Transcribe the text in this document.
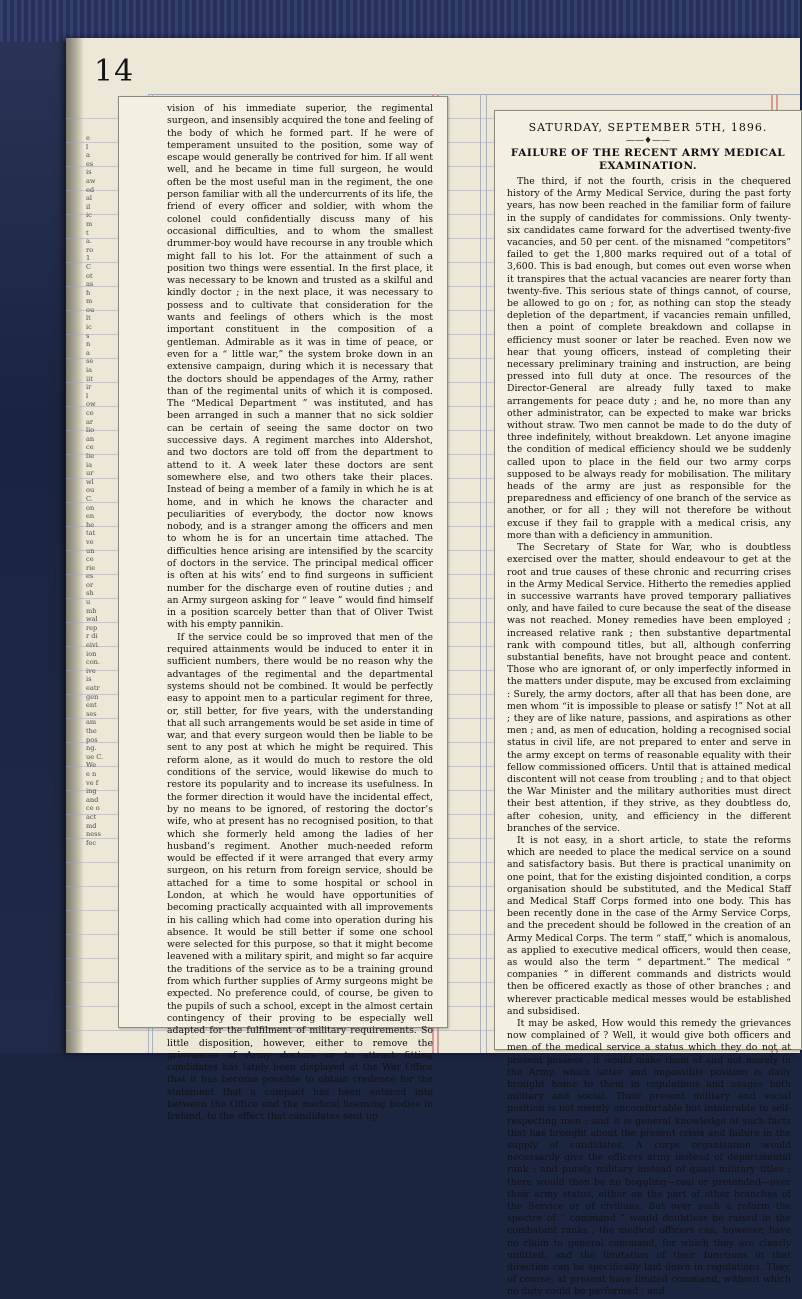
14
e
l
a
es
is
aw
ed
al
il
ic
m
t
a.
ro
1
C
ot
as
h
m
ou
lt
ic
s
n
a
se
ia
iit
ir
l
ow
ce
ar
lio
an
ce
lie
ia
ur
wl
ou
C.
on
en
he
tat
ve
un
ce
rie
es
or
sh
u
mb
wal
rep
r di
eivi
ion
con.
ive
is
eatr
gen
ent
ses
am
the
pos
ng.
ue C.
We
e n
ve f
ing
and
ce o
act
md
ness
fec

vision of his immediate superior, the regimental surgeon, and insensibly acquired the tone and feeling of the body of which he formed part. If he were of temperament unsuited to the position, some way of escape would generally be contrived for him. If all went well, and he became in time full surgeon, he would often be the most useful man in the regiment, the one person familiar with all the undercurrents of its life, the friend of every officer and soldier, with whom the colonel could confidentially discuss many of his occasional difficulties, and to whom the smallest drummer-boy would have recourse in any trouble which might fall to his lot. For the attainment of such a position two things were essential. In the first place, it was necessary to be known and trusted as a skilful and kindly doctor ; in the next place, it was necessary to possess and to cultivate that consideration for the wants and feelings of others which is the most important constituent in the composition of a gentleman. Admirable as it was in time of peace, or even for a “ little war,” the system broke down in an extensive campaign, during which it is necessary that the doctors should be appendages of the Army, rather than of the regimental units of which it is composed. The “Medical Department ” was instituted, and has been arranged in such a manner that no sick soldier can be certain of seeing the same doctor on two successive days. A regiment marches into Aldershot, and two doctors are told off from the department to attend to it. A week later these doctors are sent somewhere else, and two others take their places. Instead of being a member of a family in which he is at home, and in which he knows the character and peculiarities of everybody, the doctor now knows nobody, and is a stranger among the officers and men to whom he is for an uncertain time attached. The difficulties hence arising are intensified by the scarcity of doctors in the service. The principal medical officer is often at his wits’ end to find surgeons in sufficient number for the discharge even of routine duties ; and an Army surgeon asking for “ leave ” would find himself in a position scarcely better than that of Oliver Twist with his empty pannikin.

If the service could be so improved that men of the required attainments would be induced to enter it in sufficient numbers, there would be no reason why the advantages of the regimental and the departmental systems should not be combined. It would be perfectly easy to appoint men to a particular regiment for three, or, still better, for five years, with the understanding that all such arrangements would be set aside in time of war, and that every surgeon would then be liable to be sent to any post at which he might be required. This reform alone, as it would do much to restore the old conditions of the service, would likewise do much to restore its popularity and to increase its usefulness. In the former direction it would have the incidental effect, by no means to be ignored, of restoring the doctor’s wife, who at present has no recognised position, to that which she formerly held among the ladies of her husband’s regiment. Another much-needed reform would be effected if it were arranged that every army surgeon, on his return from foreign service, should be attached for a time to some hospital or school in London, at which he would have opportunities of becoming practically acquainted with all improvements in his calling which had come into operation during his absence. It would be still better if some one school were selected for this purpose, so that it might become leavened with a military spirit, and might so far acquire the traditions of the service as to be a training ground from which further supplies of Army surgeons might be expected. No preference could, of course, be given to the pupils of such a school, except in the almost certain contingency of their proving to be especially well adapted for the fulfilment of military requirements. So little disposition, however, either to remove the grievances of Army doctors or to attract fitting candidates has lately been displayed at the War Office that it has become possible to obtain credence for the statement that a compact has been entered into between the Office and the medical licensing bodies in Ireland, to the effect that candidates sent up

SATURDAY, SEPTEMBER 5TH, 1896.
——♦——
FAILURE OF THE RECENT ARMY MEDICAL EXAMINATION.

The third, if not the fourth, crisis in the chequered history of the Army Medical Service, during the past forty years, has now been reached in the familiar form of failure in the supply of candidates for commissions. Only twenty-six candidates came forward for the advertised twenty-five vacancies, and 50 per cent. of the misnamed “competitors” failed to get the 1,800 marks required out of a total of 3,600. This is bad enough, but comes out even worse when it transpires that the actual vacancies are nearer forty than twenty-five. This serious state of things cannot, of course, be allowed to go on ; for, as nothing can stop the steady depletion of the department, if vacancies remain unfilled, then a point of complete breakdown and collapse in efficiency must sooner or later be reached. Even now we hear that young officers, instead of completing their necessary preliminary training and instruction, are being pressed into full duty at once. The resources of the Director-General are already fully taxed to make arrangements for peace duty ; and he, no more than any other administrator, can be expected to make war bricks without straw. Two men cannot be made to do the duty of three indefinitely, without breakdown. Let anyone imagine the condition of medical efficiency should we be suddenly called upon to place in the field our two army corps supposed to be always ready for mobilisation. The military heads of the army are just as responsible for the preparedness and efficiency of one branch of the service as another, or for all ; they will not therefore be without excuse if they fail to grapple with a medical crisis, any more than with a deficiency in ammunition.

The Secretary of State for War, who is doubtless exercised over the matter, should endeavour to get at the root and true causes of these chronic and recurring crises in the Army Medical Service. Hitherto the remedies applied in successive warrants have proved temporary palliatives only, and have failed to cure because the seat of the disease was not reached. Money remedies have been employed ; increased relative rank ; then substantive departmental rank with compound titles, but all, although conferring substantial benefits, have not brought peace and content. Those who are ignorant of, or only imperfectly informed in the matters under dispute, may be excused from exclaiming : Surely, the army doctors, after all that has been done, are men whom “it is impossible to please or satisfy !” Not at all ; they are of like nature, passions, and aspirations as other men ; and, as men of education, holding a recognised social status in civil life, are not prepared to enter and serve in the army except on terms of reasonable equality with their fellow commissioned officers. Until that is attained medical discontent will not cease from troubling ; and to that object the War Minister and the military authorities must direct their best attention, if they strive, as they doubtless do, after cohesion, unity, and efficiency in the different branches of the service.

It is not easy, in a short article, to state the reforms which are needed to place the medical service on a sound and satisfactory basis. But there is practical unanimity on one point, that for the existing disjointed condition, a corps organisation should be substituted, and the Medical Staff and Medical Staff Corps formed into one body. This has been recently done in the case of the Army Service Corps, and the precedent should be followed in the creation of an Army Medical Corps. The term “ staff,” which is anomalous, as applied to executive medical officers, would then cease, as would also the term “ department.” The medical “ companies ” in different commands and districts would then be officered exactly as those of other branches ; and wherever practicable medical messes would be established and subsidised.

It may be asked, How would this remedy the grievances now complained of ? Well, it would give both officers and men of the medical service a status which they do not at present possess ; it would make them of and not merely in the Army, which latter and impossible position is daily brought home to them in regulations and usages both military and social. Their present military and social position is not merely uncomfortable but intolerable to self-respecting men ; and it is general knowledge of such facts that has brought about the present crisis and failure in the supply of candidates. A corps organisation would necessarily give the officers army instead of departmental rank ; and purely military instead of quasi military titles ; there would then be no boggling—real or pretended—over their army status, either on the part of other branches of the Service or of civilians. But over such a reform the spectre of “ command ” would doubtless be raised in the combatant ranks ; the medical officers can, however, have no claim to general command, for which they are clearly unfitted, and the limitation of their functions in that direction can be specifically laid down in regulations. They, of course, at present have limited command, without which no duty could be performed ; and
